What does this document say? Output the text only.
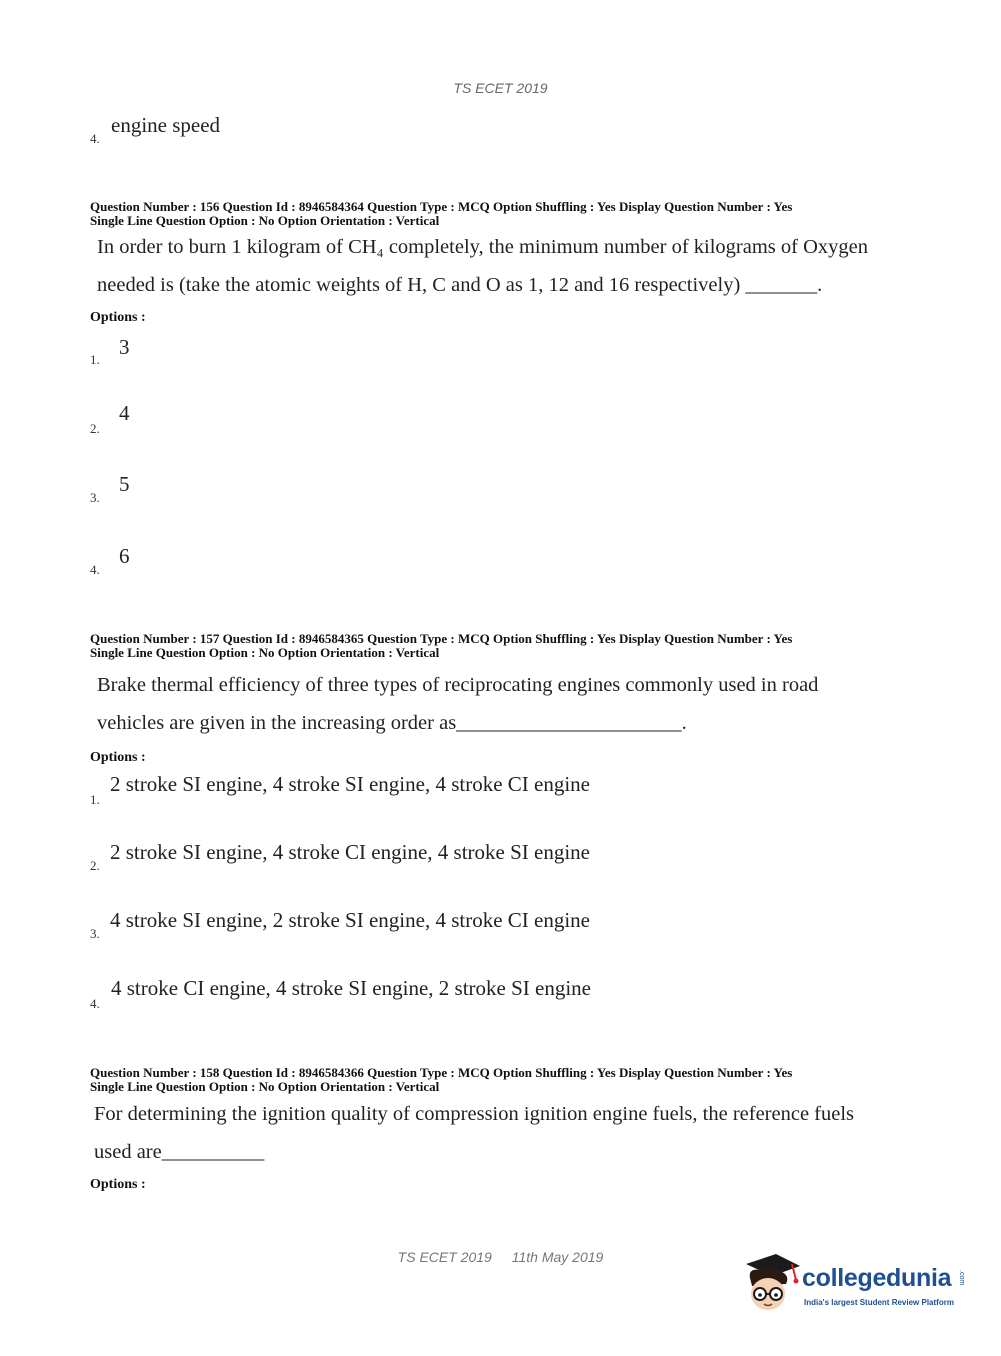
TS ECET 2019
4.
engine speed
Question Number : 156 Question Id : 8946584364 Question Type : MCQ Option Shuffling : Yes Display Question Number : Yes
Single Line Question Option : No Option Orientation : Vertical
In order to burn 1 kilogram of CH₄ completely, the minimum number of kilograms of Oxygen
needed is (take the atomic weights of H, C and O as 1, 12 and 16 respectively) _______.
Options :
1.
3
2.
4
3.
5
4.
6
Question Number : 157 Question Id : 8946584365 Question Type : MCQ Option Shuffling : Yes Display Question Number : Yes
Single Line Question Option : No Option Orientation : Vertical
Brake thermal efficiency of three types of reciprocating engines commonly used in road
vehicles are given in the increasing order as______________________.
Options :
1.
2 stroke SI engine, 4 stroke SI engine, 4 stroke CI engine
2.
2 stroke SI engine, 4 stroke CI engine, 4 stroke SI engine
3.
4 stroke SI engine, 2 stroke SI engine, 4 stroke CI engine
4.
4 stroke CI engine, 4 stroke SI engine, 2 stroke SI engine
Question Number : 158 Question Id : 8946584366 Question Type : MCQ Option Shuffling : Yes Display Question Number : Yes
Single Line Question Option : No Option Orientation : Vertical
For determining the ignition quality of compression ignition engine fuels, the reference fuels
used are__________
Options :
TS ECET 2019 11th May 2019
collegedunia .com
India's largest Student Review Platform
